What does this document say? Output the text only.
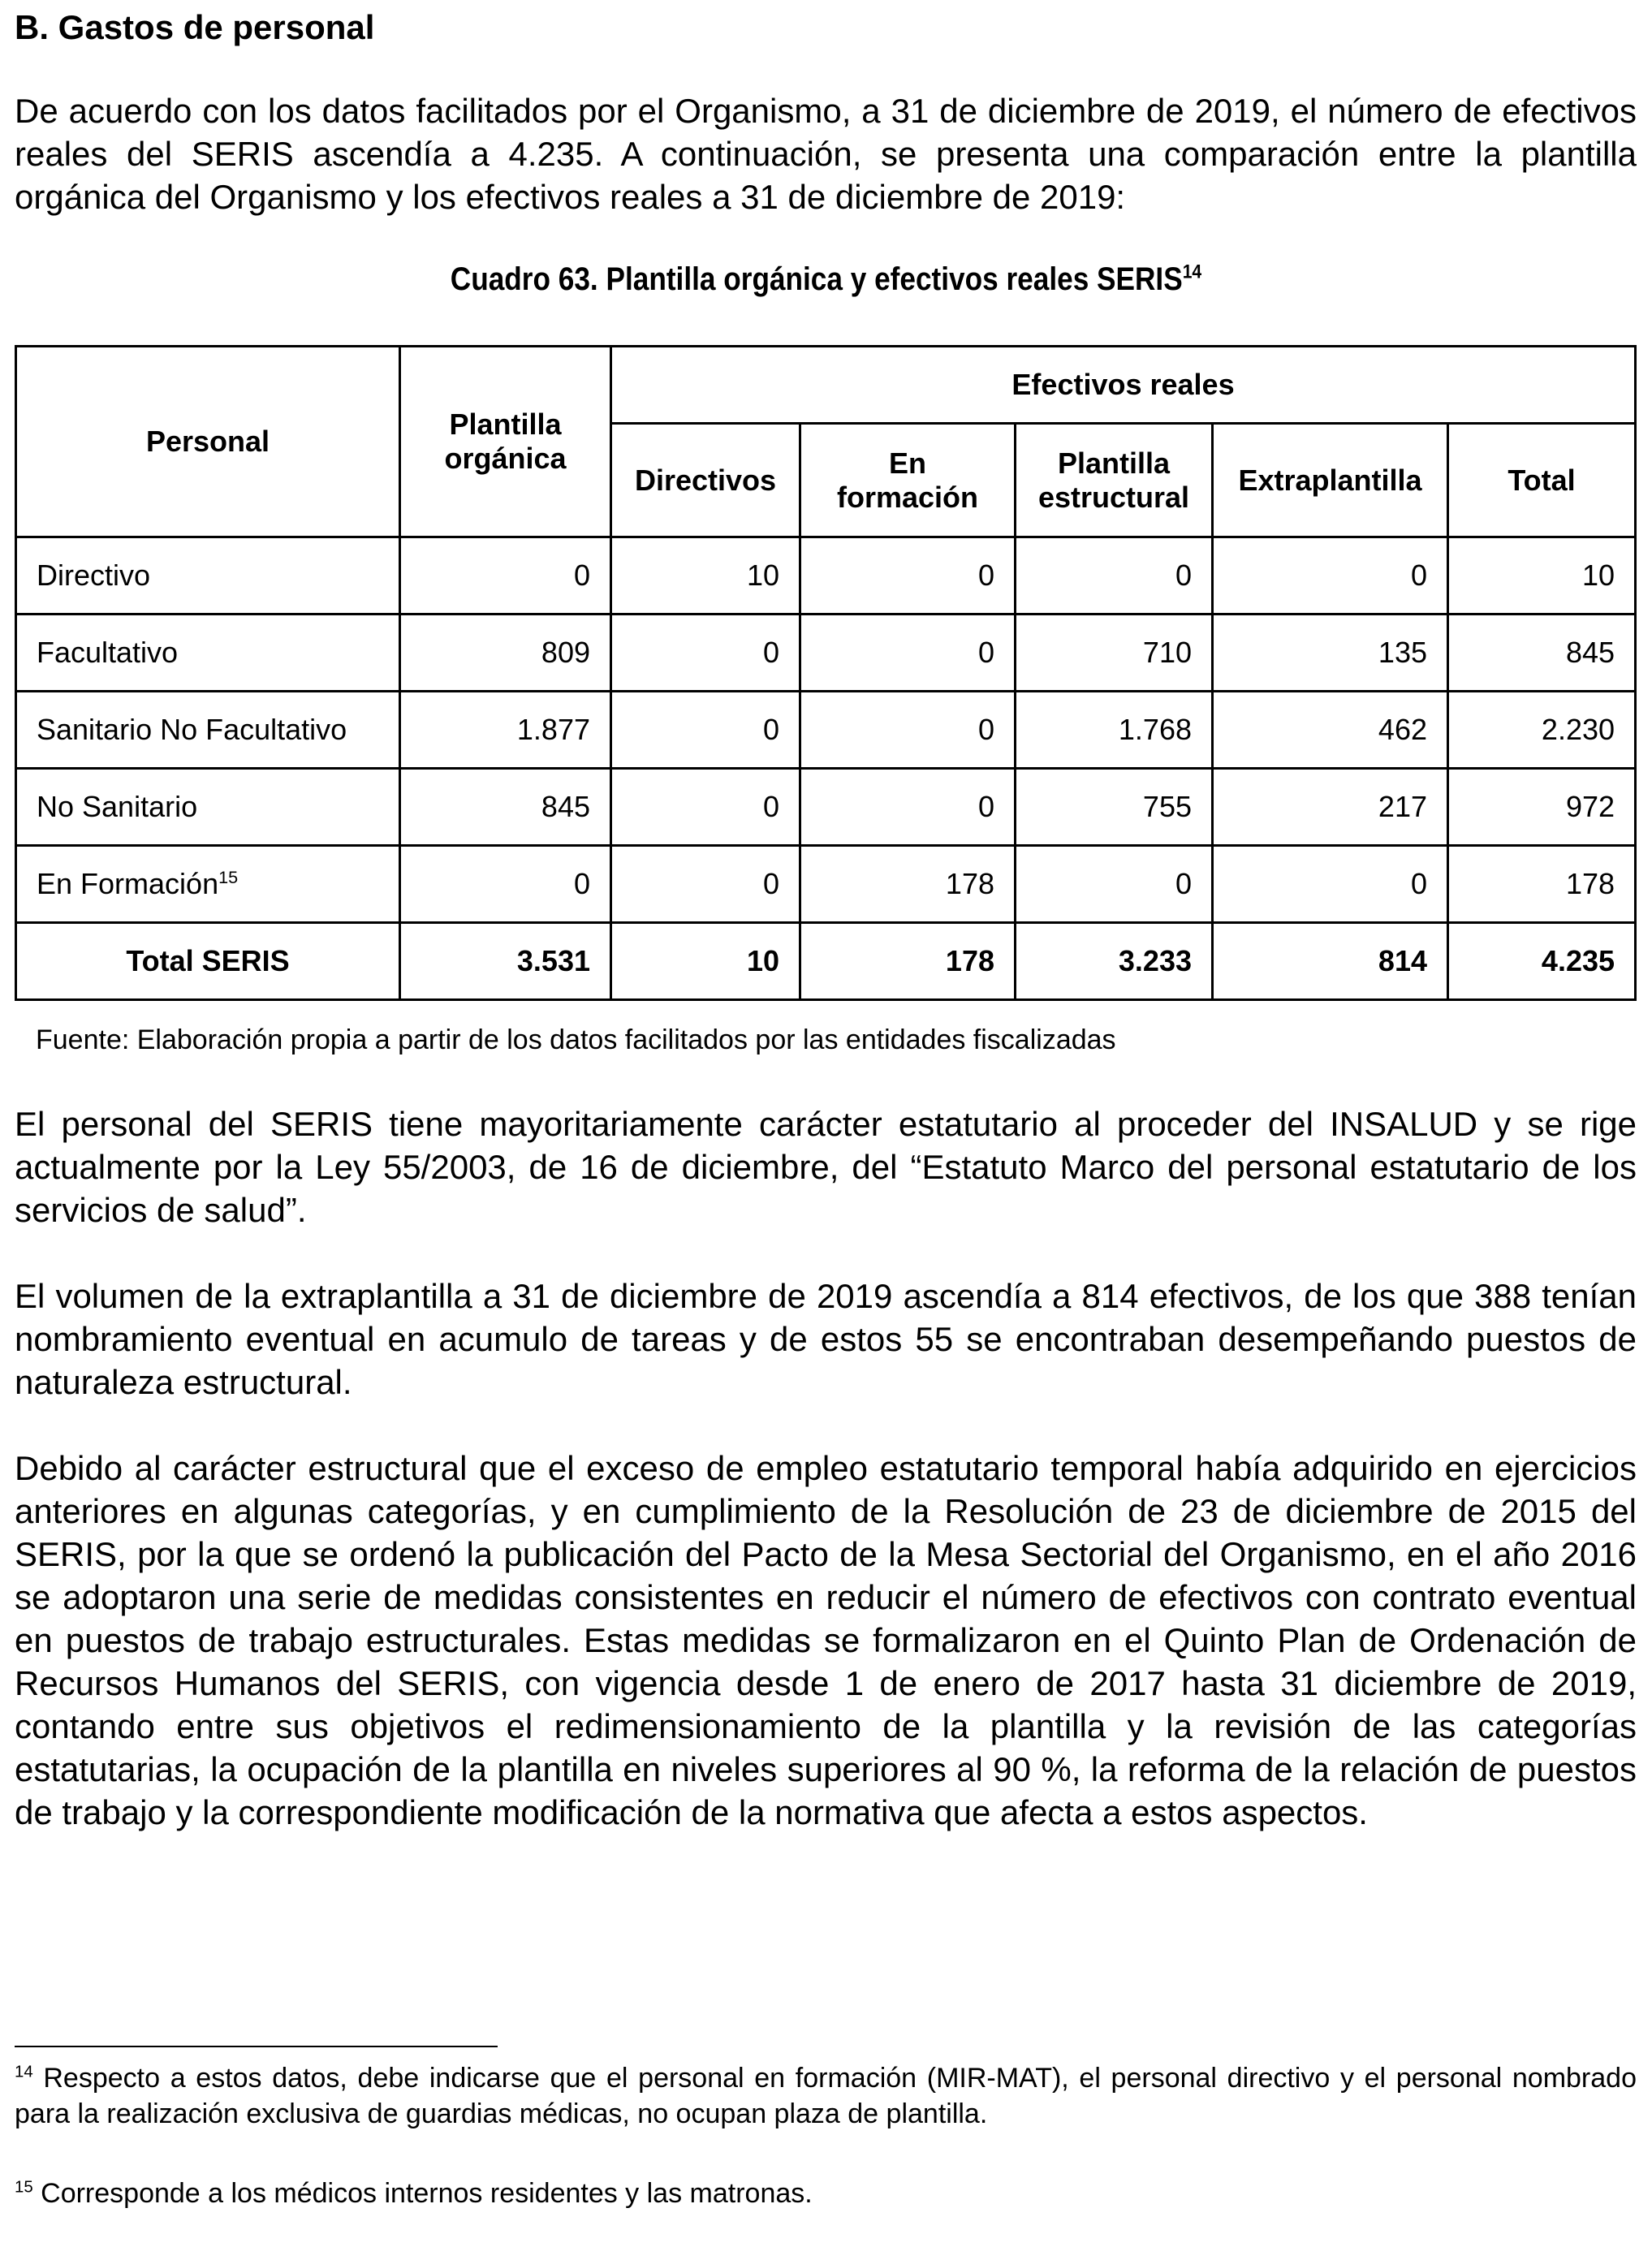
B. Gastos de personal

De acuerdo con los datos facilitados por el Organismo, a 31 de diciembre de 2019, el número de efectivos reales del SERIS ascendía a 4.235. A continuación, se presenta una comparación entre la plantilla orgánica del Organismo y los efectivos reales a 31 de diciembre de 2019:

Cuadro 63. Plantilla orgánica y efectivos reales SERIS$^{14}$
Personal	Plantilla orgánica	Efectivos reales				
		Directivos	En formación	Plantilla estructural	Extraplantilla	Total
Directivo	0	10	0	0	0	10
Facultativo	809	0	0	710	135	845
Sanitario No Facultativo	1.877	0	0	1.768	462	2.230
No Sanitario	845	0	0	755	217	972
En Formación$^{15}$	0	0	178	0	0	178
Total SERIS	3.531	10	178	3.233	814	4.235
Fuente: Elaboración propia a partir de los datos facilitados por las entidades fiscalizadas

El personal del SERIS tiene mayoritariamente carácter estatutario al proceder del INSALUD y se rige actualmente por la Ley 55/2003, de 16 de diciembre, del “Estatuto Marco del personal estatutario de los servicios de salud”.

El volumen de la extraplantilla a 31 de diciembre de 2019 ascendía a 814 efectivos, de los que 388 tenían nombramiento eventual en acumulo de tareas y de estos 55 se encontraban desempeñando puestos de naturaleza estructural.

Debido al carácter estructural que el exceso de empleo estatutario temporal había adquirido en ejercicios anteriores en algunas categorías, y en cumplimiento de la Resolución de 23 de diciembre de 2015 del SERIS, por la que se ordenó la publicación del Pacto de la Mesa Sectorial del Organismo, en el año 2016 se adoptaron una serie de medidas consistentes en reducir el número de efectivos con contrato eventual en puestos de trabajo estructurales. Estas medidas se formalizaron en el Quinto Plan de Ordenación de Recursos Humanos del SERIS, con vigencia desde 1 de enero de 2017 hasta 31 diciembre de 2019, contando entre sus objetivos el redimensionamiento de la plantilla y la revisión de las categorías estatutarias, la ocupación de la plantilla en niveles superiores al 90 %, la reforma de la relación de puestos de trabajo y la correspondiente modificación de la normativa que afecta a estos aspectos.

$^{14}$ Respecto a estos datos, debe indicarse que el personal en formación (MIR-MAT), el personal directivo y el personal nombrado para la realización exclusiva de guardias médicas, no ocupan plaza de plantilla.

$^{15}$ Corresponde a los médicos internos residentes y las matronas.
